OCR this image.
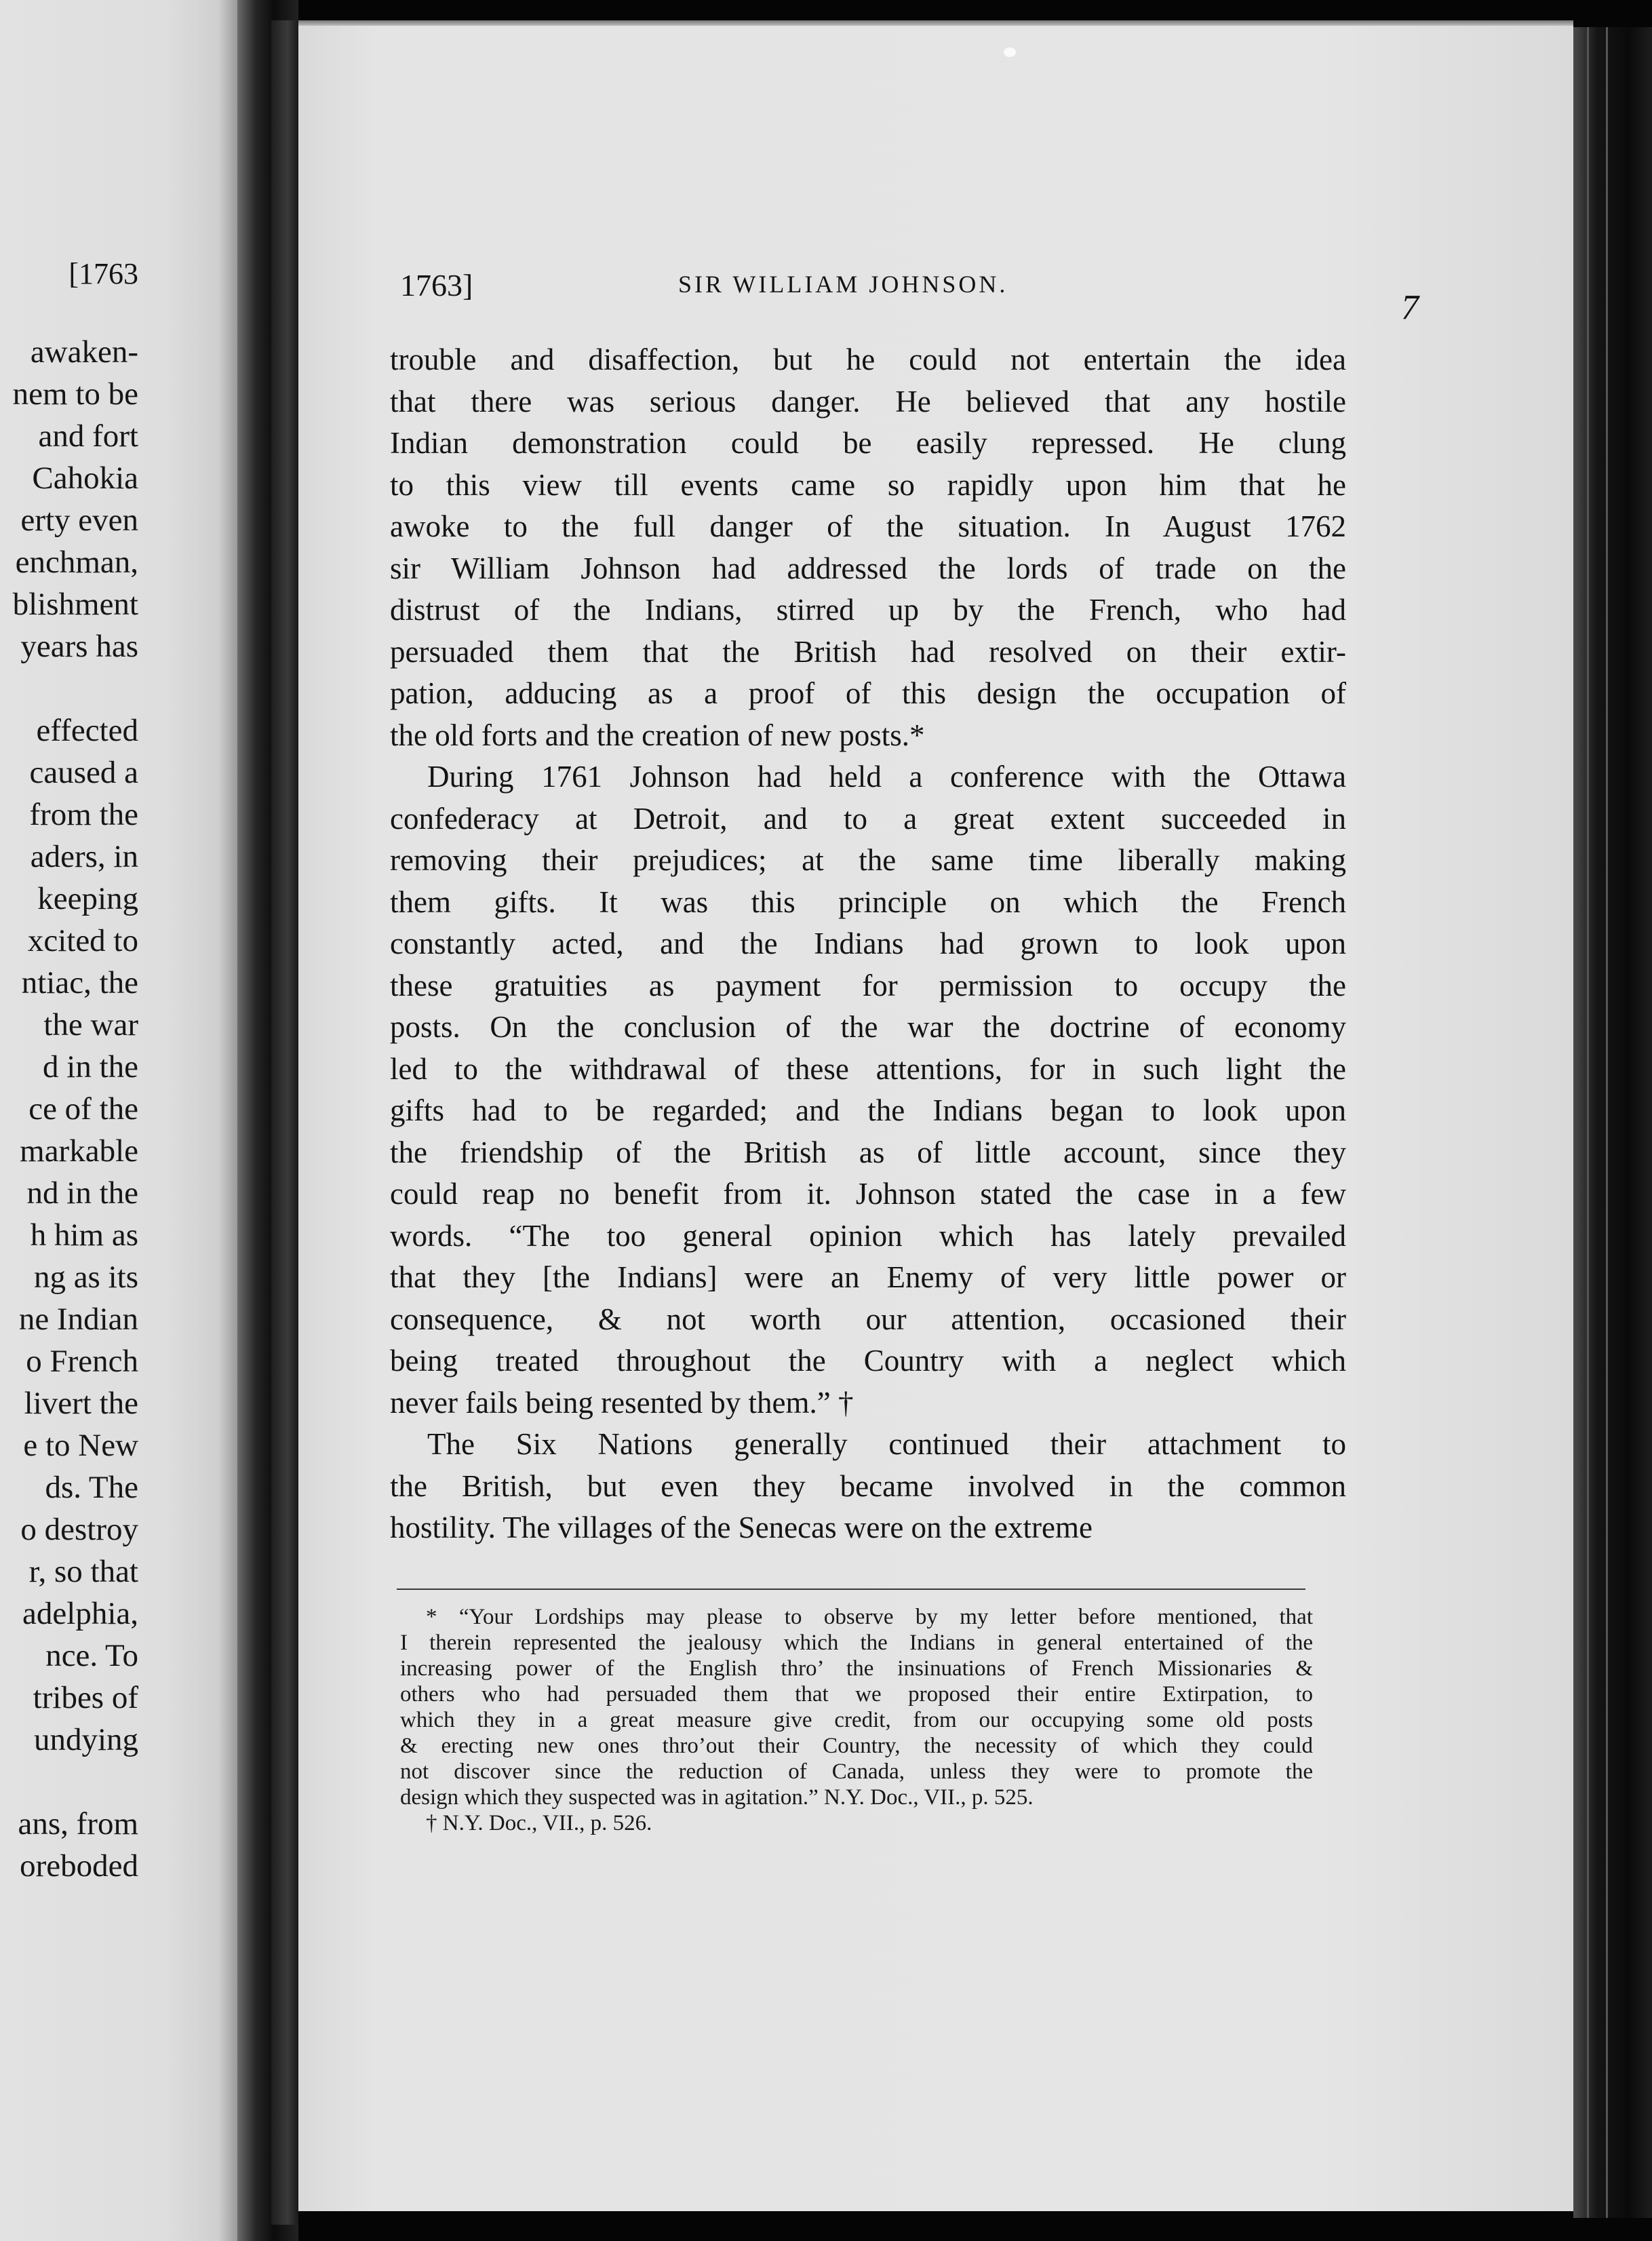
[1763
awaken-
nem to be
and fort
Cahokia
erty even
enchman,
blishment
years has
effected
caused a
from the
aders, in
keeping
xcited to
ntiac, the
the war
d in the
ce of the
markable
nd in the
h him as
ng as its
ne Indian
o French
livert the
e to New
ds. The
o destroy
r, so that
adelphia,
nce. To
tribes of
undying
ans, from
oreboded
1763]	SIR WILLIAM JOHNSON.
7
trouble and disaffection, but he could not entertain the idea
that there was serious danger. He believed that any hostile
Indian demonstration could be easily repressed. He clung
to this view till events came so rapidly upon him that he
awoke to the full danger of the situation. In August 1762
sir William Johnson had addressed the lords of trade on the
distrust of the Indians, stirred up by the French, who had
persuaded them that the British had resolved on their extir-
pation, adducing as a proof of this design the occupation of
the old forts and the creation of new posts.*
During 1761 Johnson had held a conference with the Ottawa
confederacy at Detroit, and to a great extent succeeded in
removing their prejudices; at the same time liberally making
them gifts. It was this principle on which the French
constantly acted, and the Indians had grown to look upon
these gratuities as payment for permission to occupy the
posts. On the conclusion of the war the doctrine of economy
led to the withdrawal of these attentions, for in such light the
gifts had to be regarded; and the Indians began to look upon
the friendship of the British as of little account, since they
could reap no benefit from it. Johnson stated the case in a few
words. “The too general opinion which has lately prevailed
that they [the Indians] were an Enemy of very little power or
consequence, & not worth our attention, occasioned their
being treated throughout the Country with a neglect which
never fails being resented by them.” †
The Six Nations generally continued their attachment to
the British, but even they became involved in the common
hostility. The villages of the Senecas were on the extreme
* “Your Lordships may please to observe by my letter before mentioned, that
I therein represented the jealousy which the Indians in general entertained of the
increasing power of the English thro’ the insinuations of French Missionaries &
others who had persuaded them that we proposed their entire Extirpation, to
which they in a great measure give credit, from our occupying some old posts
& erecting new ones thro’out their Country, the necessity of which they could
not discover since the reduction of Canada, unless they were to promote the
design which they suspected was in agitation.” N.Y. Doc., VII., p. 525.
† N.Y. Doc., VII., p. 526.
